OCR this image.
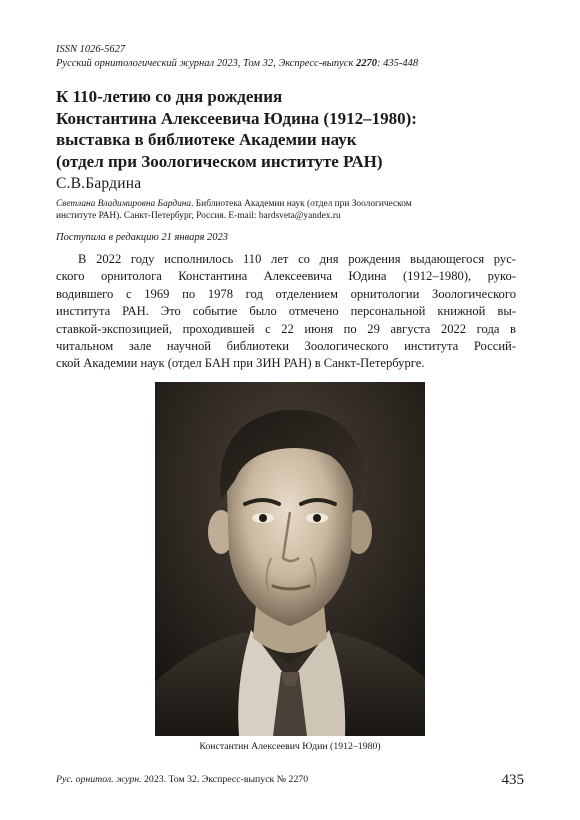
ISSN 1026-5627
Русский орнитологический журнал 2023, Том 32, Экспресс-выпуск 2270: 435-448
К 110-летию со дня рождения
Константина Алексеевича Юдина (1912–1980):
выставка в библиотеке Академии наук
(отдел при Зоологическом институте РАН)
С.В.Бардина
Светлана Владимировна Бардина. Библиотека Академии наук (отдел при Зоологическом
институте РАН). Санкт-Петербург, Россия. E-mail: bardsveta@yandex.ru
Поступила в редакцию 21 января 2023
В 2022 году исполнилось 110 лет со дня рождения выдающегося рус-
ского орнитолога Константина Алексеевича Юдина (1912–1980), руко-
водившего с 1969 по 1978 год отделением орнитологии Зоологического
института РАН. Это событие было отмечено персональной книжной вы-
ставкой-экспозицией, проходившей с 22 июня по 29 августа 2022 года в
читальном зале научной библиотеки Зоологического института Россий-
ской Академии наук (отдел БАН при ЗИН РАН) в Санкт-Петербурге.
Константин Алексеевич Юдин (1912–1980)
Рус. орнитол. журн. 2023. Том 32. Экспресс-выпуск № 2270	435
